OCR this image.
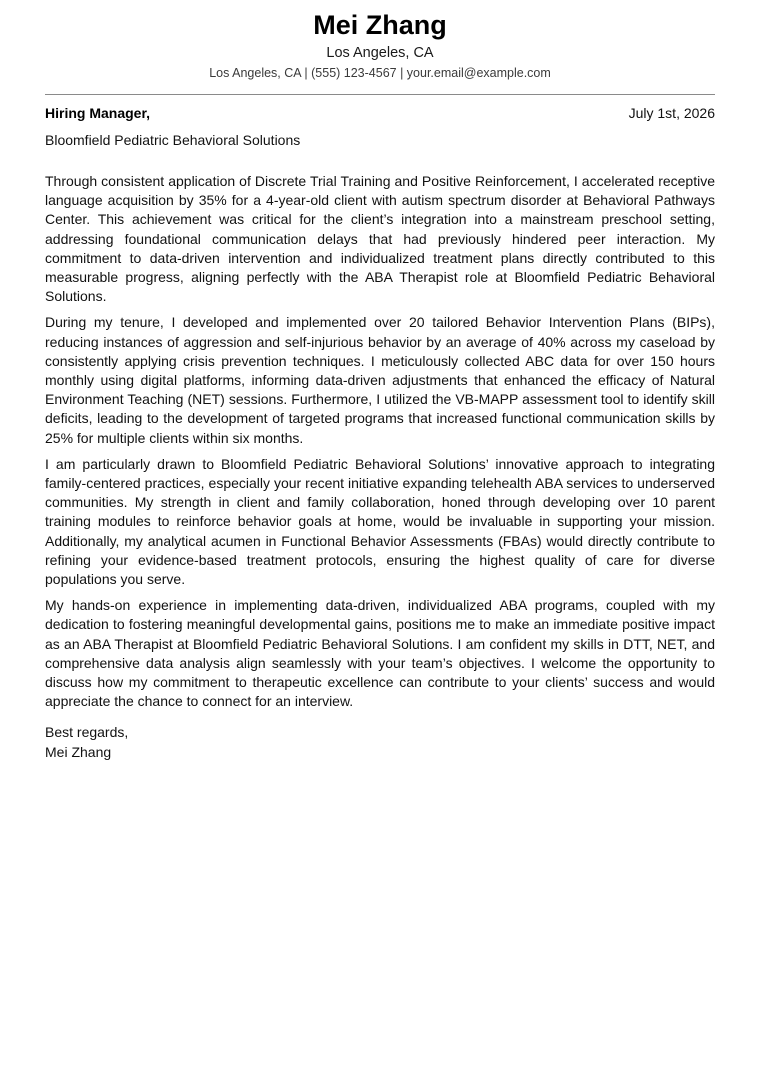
Mei Zhang
Los Angeles, CA
Los Angeles, CA | (555) 123-4567 | your.email@example.com
Hiring Manager,	July 1st, 2026
Bloomfield Pediatric Behavioral Solutions

Through consistent application of Discrete Trial Training and Positive Reinforcement, I accelerated receptive language acquisition by 35% for a 4-year-old client with autism spectrum disorder at Behavioral Pathways Center. This achievement was critical for the client’s integration into a mainstream preschool setting, addressing foundational communication delays that had previously hindered peer interaction. My commitment to data-driven intervention and individualized treatment plans directly contributed to this measurable progress, aligning perfectly with the ABA Therapist role at Bloomfield Pediatric Behavioral Solutions.

During my tenure, I developed and implemented over 20 tailored Behavior Intervention Plans (BIPs), reducing instances of aggression and self-injurious behavior by an average of 40% across my caseload by consistently applying crisis prevention techniques. I meticulously collected ABC data for over 150 hours monthly using digital platforms, informing data-driven adjustments that enhanced the efficacy of Natural Environment Teaching (NET) sessions. Furthermore, I utilized the VB-MAPP assessment tool to identify skill deficits, leading to the development of targeted programs that increased functional communication skills by 25% for multiple clients within six months.

I am particularly drawn to Bloomfield Pediatric Behavioral Solutions’ innovative approach to integrating family-centered practices, especially your recent initiative expanding telehealth ABA services to underserved communities. My strength in client and family collaboration, honed through developing over 10 parent training modules to reinforce behavior goals at home, would be invaluable in supporting your mission. Additionally, my analytical acumen in Functional Behavior Assessments (FBAs) would directly contribute to refining your evidence-based treatment protocols, ensuring the highest quality of care for diverse populations you serve.

My hands-on experience in implementing data-driven, individualized ABA programs, coupled with my dedication to fostering meaningful developmental gains, positions me to make an immediate positive impact as an ABA Therapist at Bloomfield Pediatric Behavioral Solutions. I am confident my skills in DTT, NET, and comprehensive data analysis align seamlessly with your team’s objectives. I welcome the opportunity to discuss how my commitment to therapeutic excellence can contribute to your clients’ success and would appreciate the chance to connect for an interview.

Best regards,
Mei Zhang
